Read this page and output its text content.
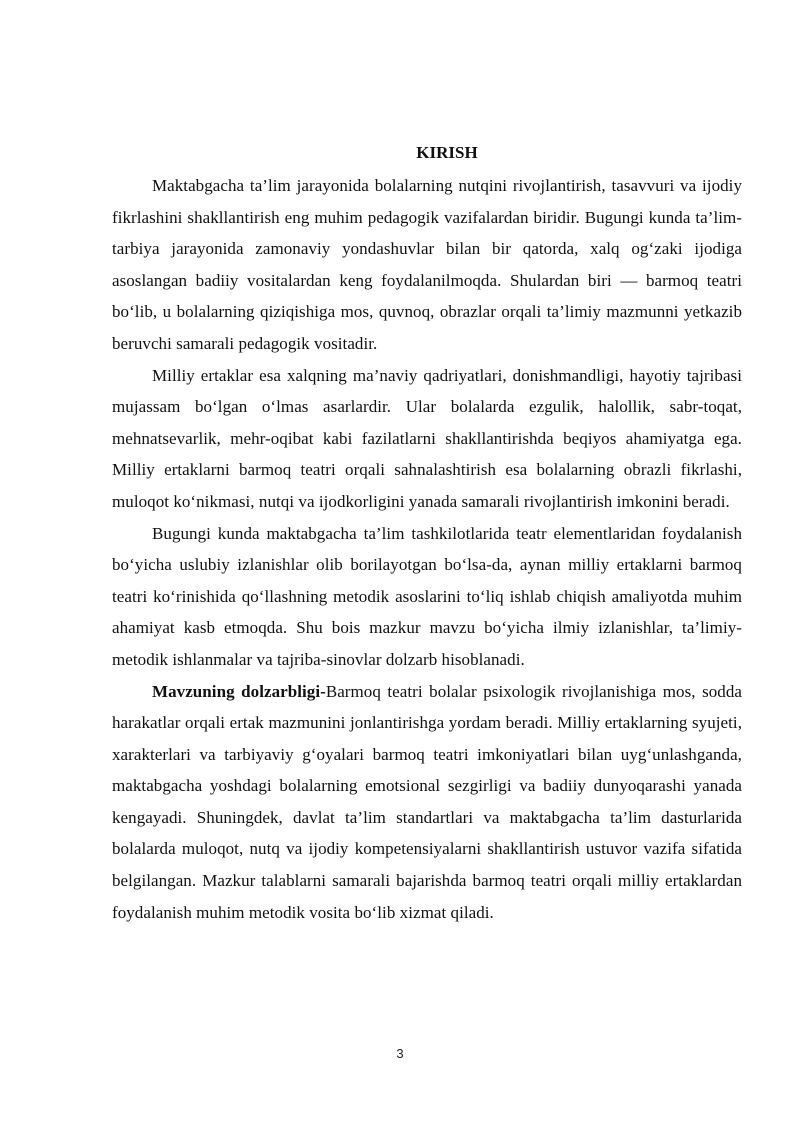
KIRISH

Maktabgacha ta’lim jarayonida bolalarning nutqini rivojlantirish, tasavvuri va ijodiy fikrlashini shakllantirish eng muhim pedagogik vazifalardan biridir. Bugungi kunda ta’lim-tarbiya jarayonida zamonaviy yondashuvlar bilan bir qatorda, xalq og‘zaki ijodiga asoslangan badiiy vositalardan keng foydalanilmoqda. Shulardan biri — barmoq teatri bo‘lib, u bolalarning qiziqishiga mos, quvnoq, obrazlar orqali ta’limiy mazmunni yetkazib beruvchi samarali pedagogik vositadir.

Milliy ertaklar esa xalqning ma’naviy qadriyatlari, donishmandligi, hayotiy tajribasi mujassam bo‘lgan o‘lmas asarlardir. Ular bolalarda ezgulik, halollik, sabr-toqat, mehnatsevarlik, mehr-oqibat kabi fazilatlarni shakllantirishda beqiyos ahamiyatga ega. Milliy ertaklarni barmoq teatri orqali sahnalashtirish esa bolalarning obrazli fikrlashi, muloqot ko‘nikmasi, nutqi va ijodkorligini yanada samarali rivojlantirish imkonini beradi.

Bugungi kunda maktabgacha ta’lim tashkilotlarida teatr elementlaridan foydalanish bo‘yicha uslubiy izlanishlar olib borilayotgan bo‘lsa-da, aynan milliy ertaklarni barmoq teatri ko‘rinishida qo‘llashning metodik asoslarini to‘liq ishlab chiqish amaliyotda muhim ahamiyat kasb etmoqda. Shu bois mazkur mavzu bo‘yicha ilmiy izlanishlar, ta’limiy-metodik ishlanmalar va tajriba-sinovlar dolzarb hisoblanadi.

Mavzuning dolzarbligi-Barmoq teatri bolalar psixologik rivojlanishiga mos, sodda harakatlar orqali ertak mazmunini jonlantirishga yordam beradi. Milliy ertaklarning syujeti, xarakterlari va tarbiyaviy g‘oyalari barmoq teatri imkoniyatlari bilan uyg‘unlashganda, maktabgacha yoshdagi bolalarning emotsional sezgirligi va badiiy dunyoqarashi yanada kengayadi. Shuningdek, davlat ta’lim standartlari va maktabgacha ta’lim dasturlarida bolalarda muloqot, nutq va ijodiy kompetensiyalarni shakllantirish ustuvor vazifa sifatida belgilangan. Mazkur talablarni samarali bajarishda barmoq teatri orqali milliy ertaklardan foydalanish muhim metodik vosita bo‘lib xizmat qiladi.

3
